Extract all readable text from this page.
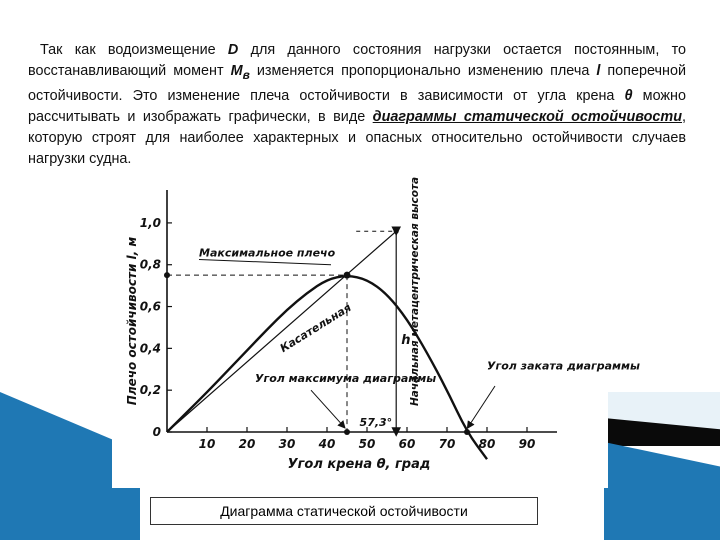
Так как водоизмещение D для данного состояния нагрузки остается постоянным, то восстанавливающий момент $M_в$ изменяется пропорционально изменению плеча l поперечной остойчивости. Это изменение плеча остойчивости в зависимости от угла крена θ можно рассчитывать и изображать графически, в виде диаграммы статической остойчивости, которую строят для наиболее характерных и опасных относительно остойчивости случаев нагрузки судна.
10 20 30 40 50 60 70 80 90
0
0,2
0,4
0,6
0,8
1,0
Угол крена θ, град
Плечо остойчивости l, м	Максимальное плечо
Касательная	Начальная метацентрическая высота
h
57,3°
Угол максимума диаграммы
Угол заката диаграммы
Диаграмма статической остойчивости
